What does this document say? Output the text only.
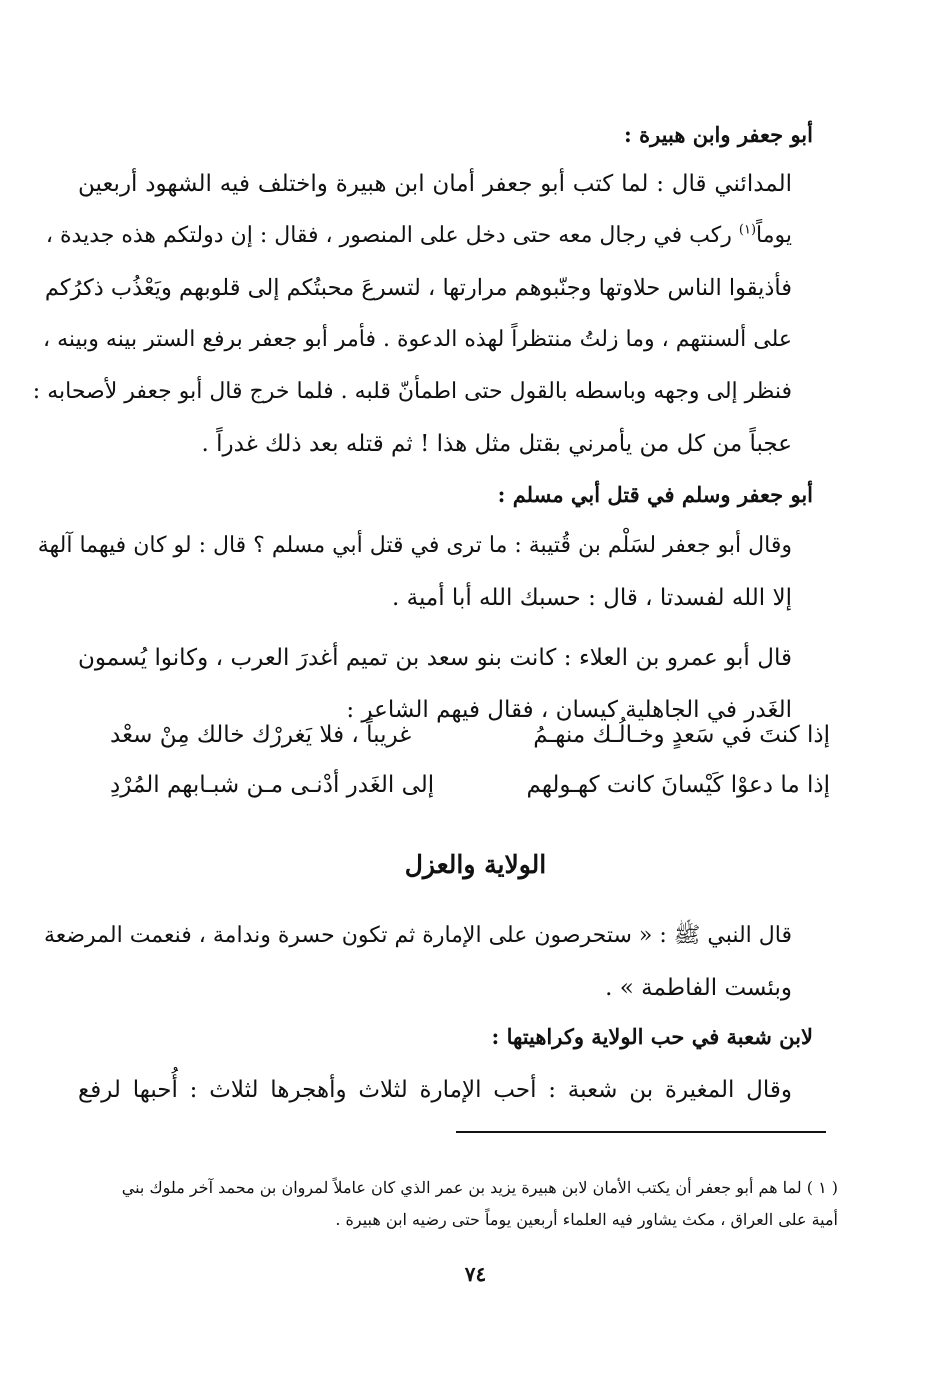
أبو جعفر وابن هبيرة :
المدائني قال : لما كتب أبو جعفر أمان ابن هبيرة واختلف فيه الشهود أربعين
يوماً$^{(١)}$ ركب في رجال معه حتى دخل على المنصور ، فقال : إن دولتكم هذه جديدة ،
فأذيقوا الناس حلاوتها وجنّبوهم مرارتها ، لتسرعَ محبتُكم إلى قلوبهم ويَعْذُب ذكرُكم
على ألسنتهم ، وما زلتُ منتظراً لهذه الدعوة . فأمر أبو جعفر برفع الستر بينه وبينه ،
فنظر إلى وجهه وباسطه بالقول حتى اطمأنّ قلبه . فلما خرج قال أبو جعفر لأصحابه :
عجباً من كل من يأمرني بقتل مثل هذا ! ثم قتله بعد ذلك غدراً .
أبو جعفر وسلم في قتل أبي مسلم :
وقال أبو جعفر لسَلْم بن قُتيبة : ما ترى في قتل أبي مسلم ؟ قال : لو كان فيهما آلهة
إلا الله لفسدتا ، قال : حسبك الله أبا أمية .
قال أبو عمرو بن العلاء : كانت بنو سعد بن تميم أغدرَ العرب ، وكانوا يُسمون
الغَدر في الجاهلية كيسان ، فقال فيهم الشاعر :
إذا كنتَ في سَعدٍ وخـالُـك منهـمُ
غريباً ، فلا يَغررْك خالك مِنْ سعْد
إذا ما دعوْا كَيْسانَ كانت كهـولهم
إلى الغَدر أدْنـى مـن شبـابهم المُرْدِ
الولاية والعزل
قال النبي ﷺ : « ستحرصون على الإمارة ثم تكون حسرة وندامة ، فنعمت المرضعة
وبئست الفاطمة » .
لابن شعبة في حب الولاية وكراهيتها :
وقال المغيرة بن شعبة : أحب الإمارة لثلاث وأهجرها لثلاث : أُحبها لرفع
( ١ ) لما هم أبو جعفر أن يكتب الأمان لابن هبيرة يزيد بن عمر الذي كان عاملاً لمروان بن محمد آخر ملوك بني
أمية على العراق ، مكث يشاور فيه العلماء أربعين يوماً حتى رضيه ابن هبيرة .
٧٤
